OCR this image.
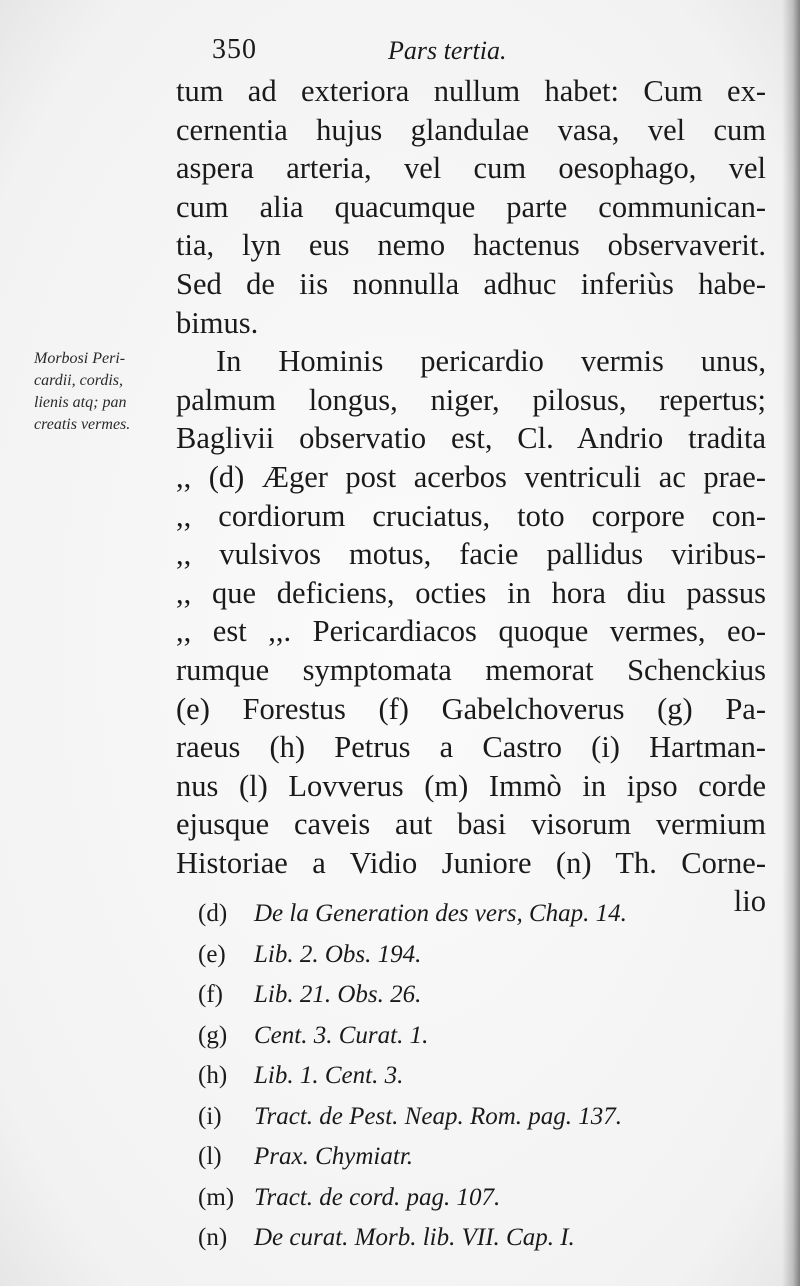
350	Pars tertia.
Morbosi Peri-
cardii, cordis,
lienis atq; pan
creatis vermes.
tum ad exteriora nullum habet: Cum ex-
cernentia hujus glandulae vasa, vel cum
aspera arteria, vel cum oesophago, vel
cum alia quacumque parte communican-
tia, lyn eus nemo hactenus observaverit.
Sed de iis nonnulla adhuc inferiùs habe-
bimus.
In Hominis pericardio vermis unus,
palmum longus, niger, pilosus, repertus;
Baglivii observatio est, Cl. Andrio tradita
,, (d) Æger post acerbos ventriculi ac prae-
,, cordiorum cruciatus, toto corpore con-
,, vulsivos motus, facie pallidus viribus-
,, que deficiens, octies in hora diu passus
,, est ,,. Pericardiacos quoque vermes, eo-
rumque symptomata memorat Schenckius
(e) Forestus (f) Gabelchoverus (g) Pa-
raeus (h) Petrus a Castro (i) Hartman-
nus (l) Lovverus (m) Immò in ipso corde
ejusque caveis aut basi visorum vermium
Historiae a Vidio Juniore (n) Th. Corne-
lio
(d) De la Generation des vers, Chap. 14.
(e) Lib. 2. Obs. 194.
(f) Lib. 21. Obs. 26.
(g) Cent. 3. Curat. 1.
(h) Lib. 1. Cent. 3.
(i) Tract. de Pest. Neap. Rom. pag. 137.
(l) Prax. Chymiatr.
(m) Tract. de cord. pag. 107.
(n) De curat. Morb. lib. VII. Cap. I.
